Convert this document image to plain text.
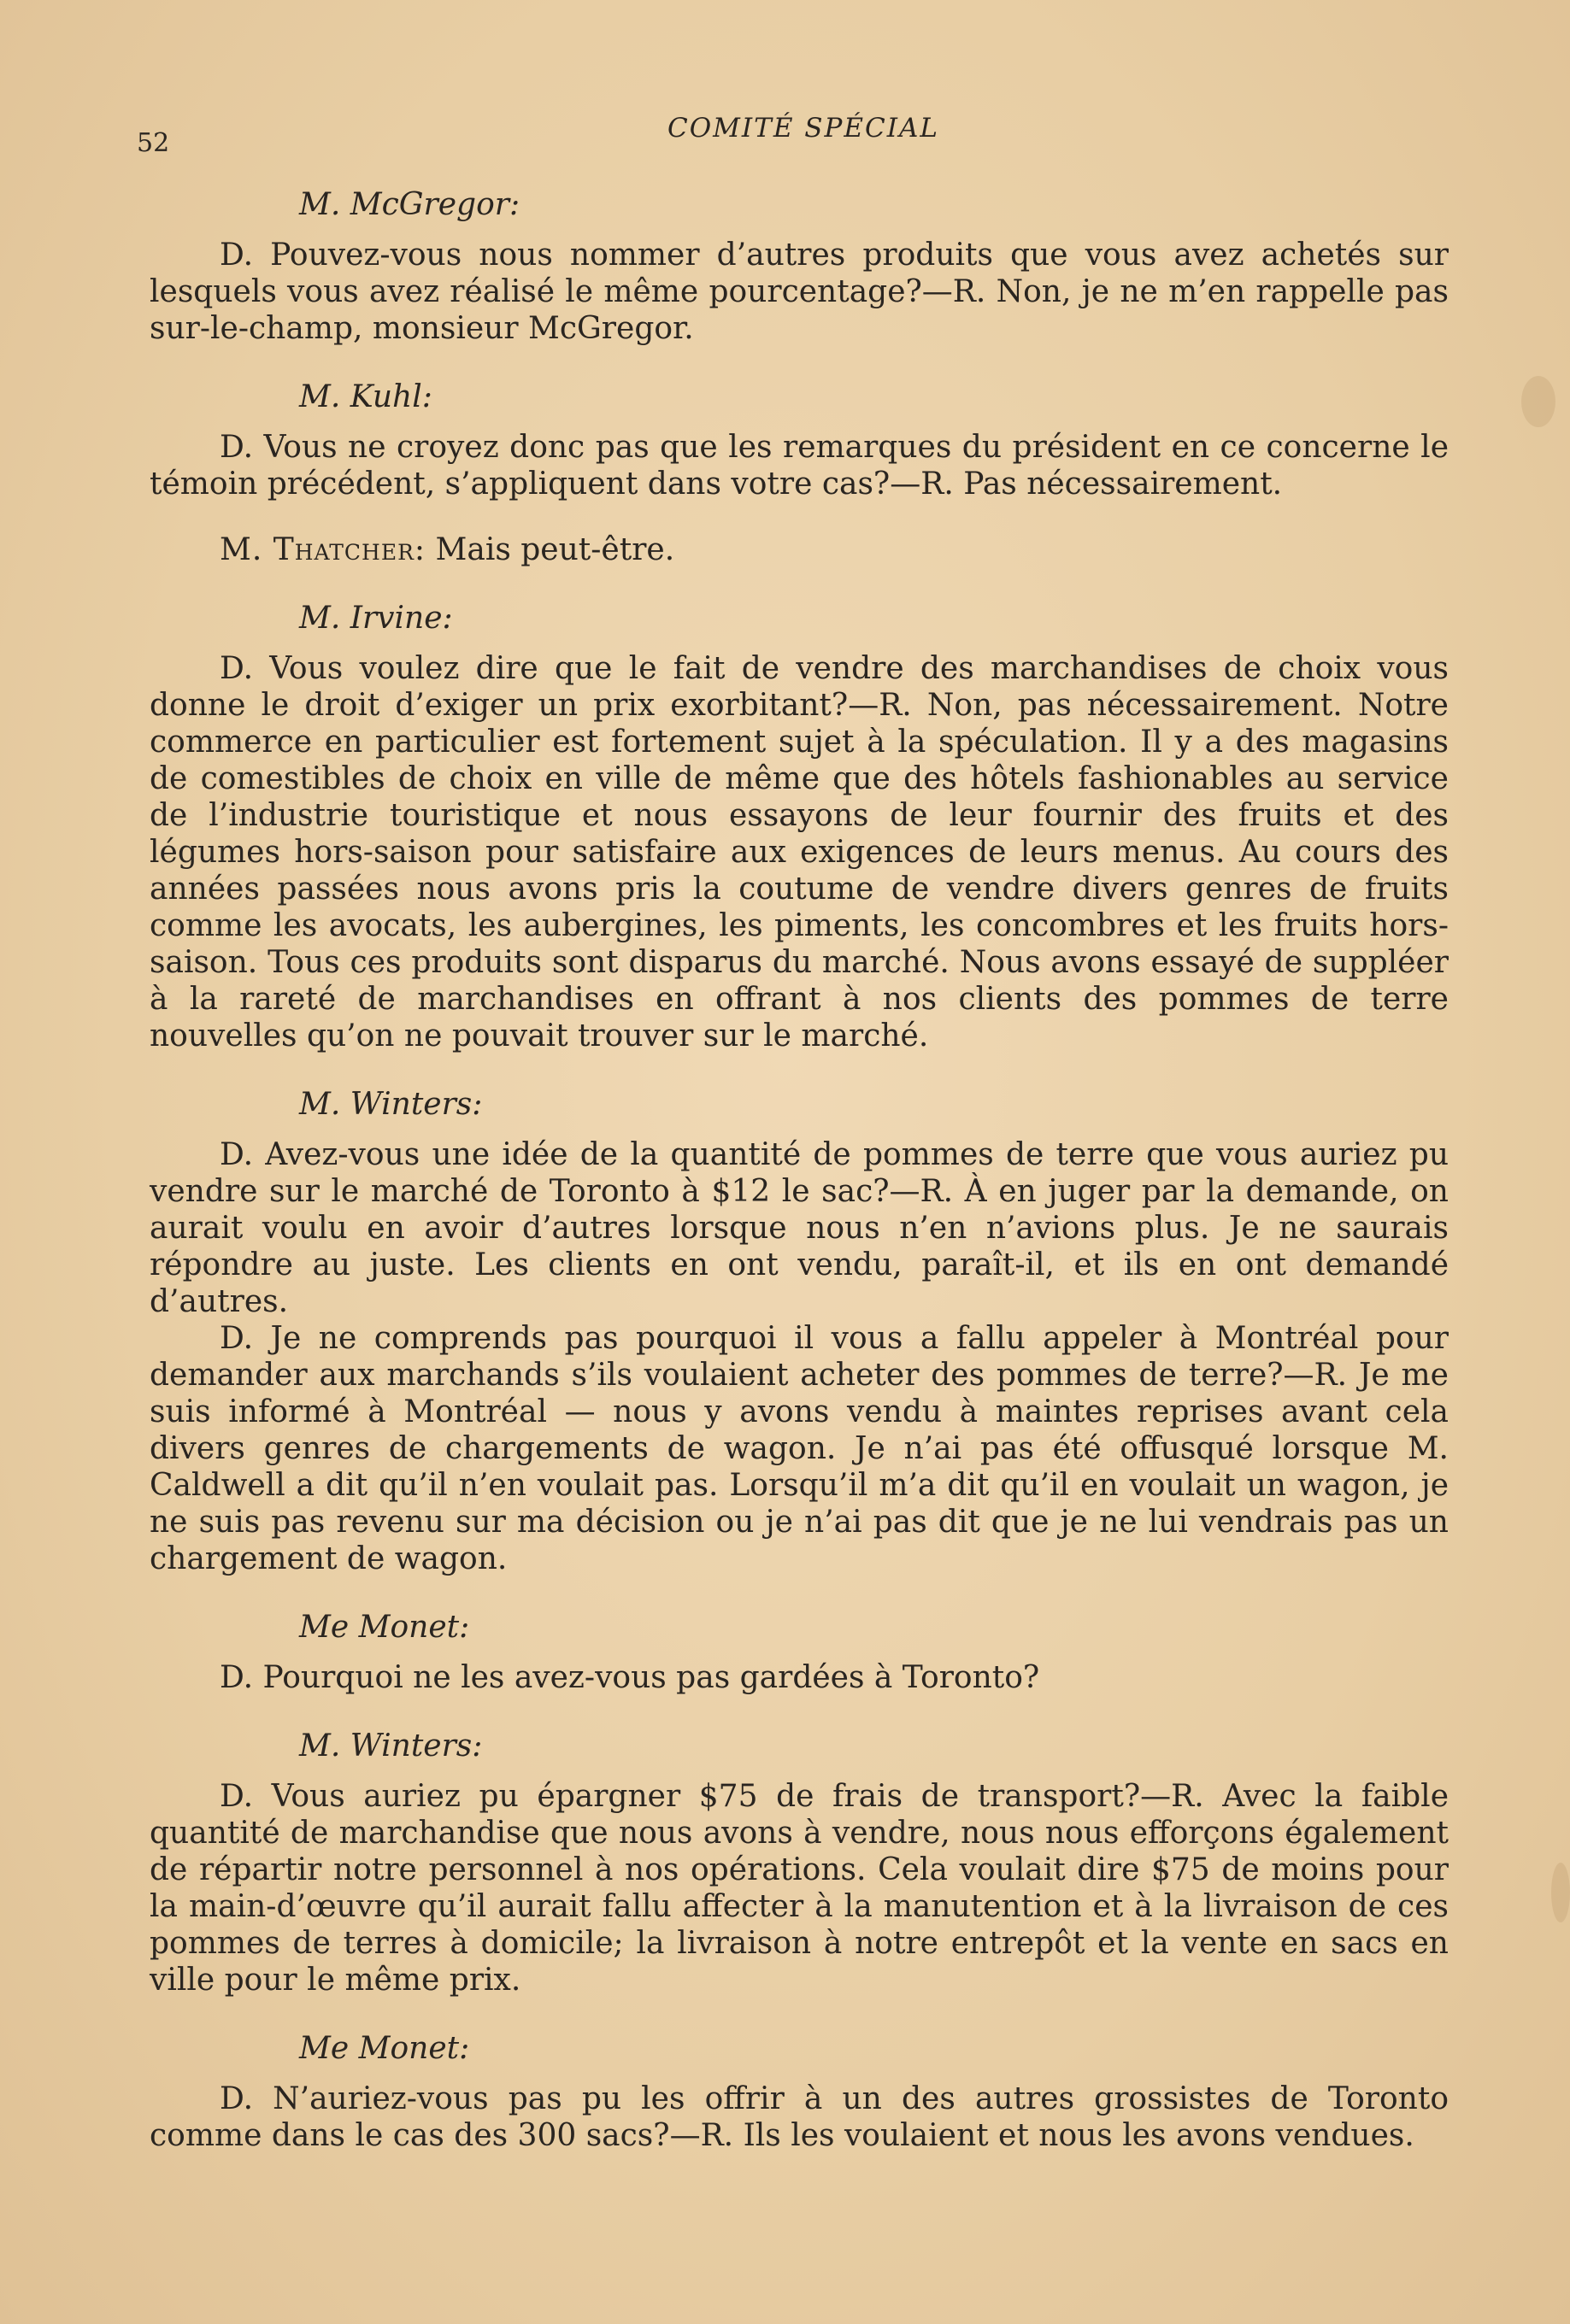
52	COMITÉ SPÉCIAL
M. McGregor:

D. Pouvez-vous nous nommer d’autres produits que vous avez achetés sur lesquels vous avez réalisé le même pourcentage?—R. Non, je ne m’en rappelle pas sur-le-champ, monsieur McGregor.

M. Kuhl:

D. Vous ne croyez donc pas que les remarques du président en ce concerne le témoin précédent, s’appliquent dans votre cas?—R. Pas nécessairement.

M. Thatcher: Mais peut-être.

M. Irvine:

D. Vous voulez dire que le fait de vendre des marchandises de choix vous donne le droit d’exiger un prix exorbitant?—R. Non, pas nécessairement. Notre commerce en particulier est fortement sujet à la spéculation. Il y a des magasins de comestibles de choix en ville de même que des hôtels fashionables au service de l’industrie touristique et nous essayons de leur fournir des fruits et des légumes hors-saison pour satisfaire aux exigences de leurs menus. Au cours des années passées nous avons pris la coutume de vendre divers genres de fruits comme les avocats, les aubergines, les piments, les concombres et les fruits hors-saison. Tous ces produits sont disparus du marché. Nous avons essayé de suppléer à la rareté de marchandises en offrant à nos clients des pommes de terre nouvelles qu’on ne pouvait trouver sur le marché.

M. Winters:

D. Avez-vous une idée de la quantité de pommes de terre que vous auriez pu vendre sur le marché de Toronto à $12 le sac?—R. À en juger par la demande, on aurait voulu en avoir d’autres lorsque nous n’en n’avions plus. Je ne saurais répondre au juste. Les clients en ont vendu, paraît-il, et ils en ont demandé d’autres.

D. Je ne comprends pas pourquoi il vous a fallu appeler à Montréal pour demander aux marchands s’ils voulaient acheter des pommes de terre?—R. Je me suis informé à Montréal — nous y avons vendu à maintes reprises avant cela divers genres de chargements de wagon. Je n’ai pas été offusqué lorsque M. Caldwell a dit qu’il n’en voulait pas. Lorsqu’il m’a dit qu’il en voulait un wagon, je ne suis pas revenu sur ma décision ou je n’ai pas dit que je ne lui vendrais pas un chargement de wagon.

Me Monet:

D. Pourquoi ne les avez-vous pas gardées à Toronto?

M. Winters:

D. Vous auriez pu épargner $75 de frais de transport?—R. Avec la faible quantité de marchandise que nous avons à vendre, nous nous efforçons également de répartir notre personnel à nos opérations. Cela voulait dire $75 de moins pour la main-d’œuvre qu’il aurait fallu affecter à la manutention et à la livraison de ces pommes de terres à domicile; la livraison à notre entrepôt et la vente en sacs en ville pour le même prix.

Me Monet:

D. N’auriez-vous pas pu les offrir à un des autres grossistes de Toronto comme dans le cas des 300 sacs?—R. Ils les voulaient et nous les avons vendues.
